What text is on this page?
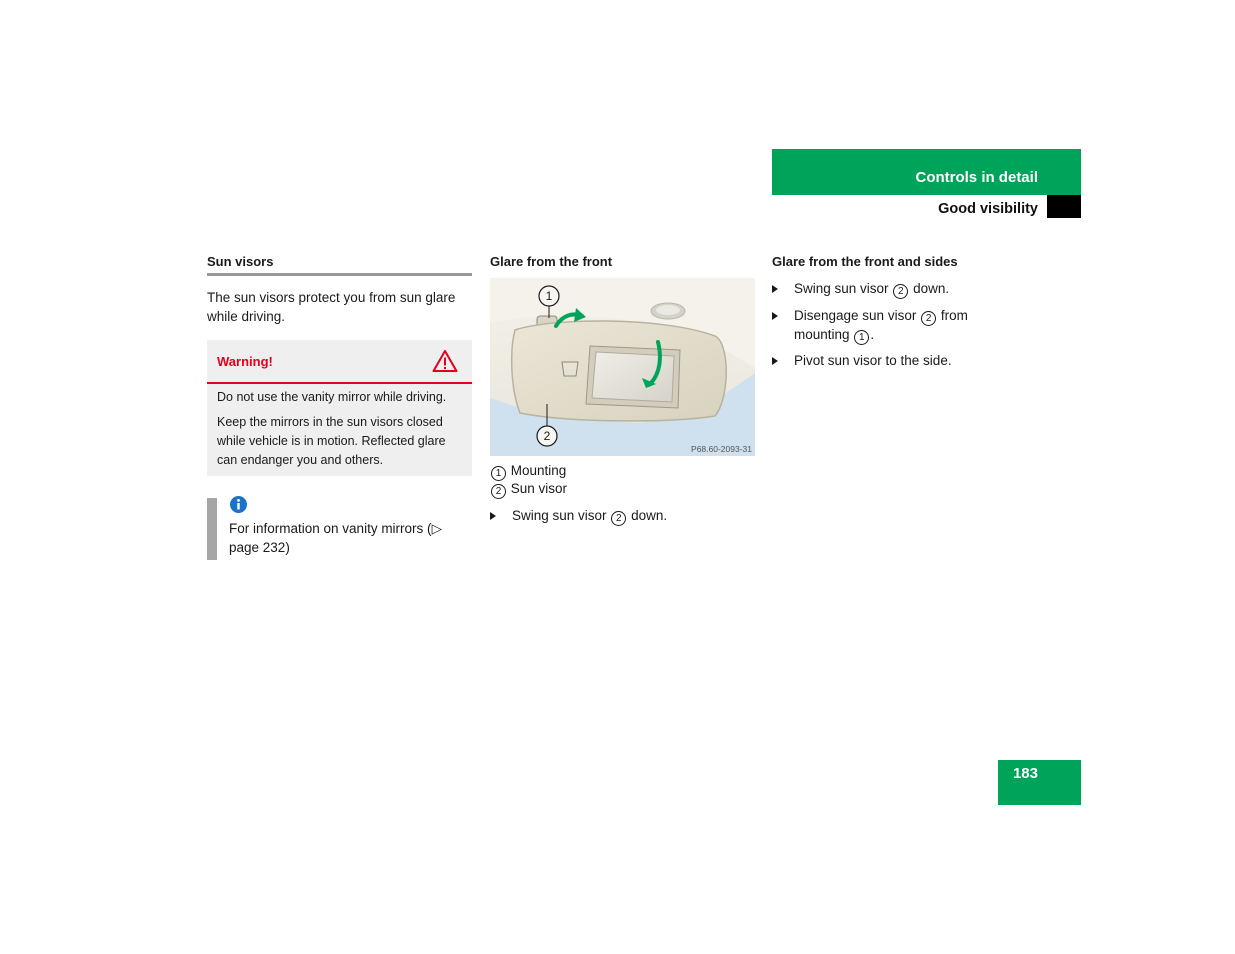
Controls in detail
Good visibility
Sun visors
The sun visors protect you from sun glare while driving.
Warning!
Do not use the vanity mirror while driving.
Keep the mirrors in the sun visors closed while vehicle is in motion. Reflected glare can endanger you and others.
For information on vanity mirrors (▷ page 232)
Glare from the front
1
2
P68.60-2093-31
1 Mounting
2 Sun visor
Swing sun visor 2 down.
Glare from the front and sides
Swing sun visor 2 down.
Disengage sun visor 2 from
mounting 1 .
Pivot sun visor to the side.
183
